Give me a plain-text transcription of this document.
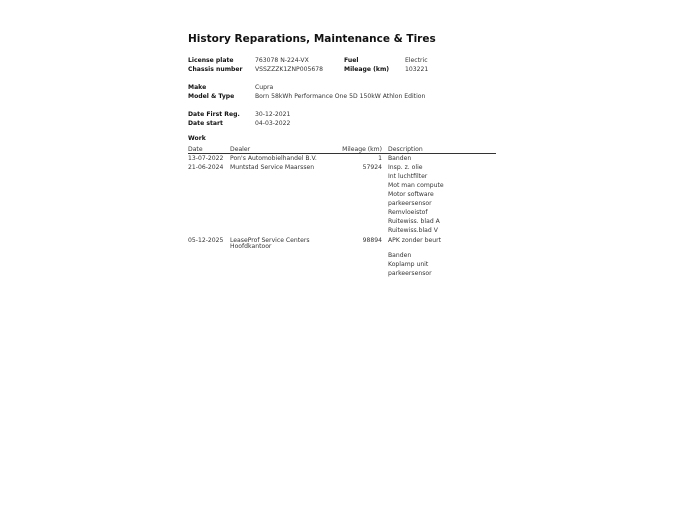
History Reparations, Maintenance & Tires
License plate	763078 N-224-VX	Fuel	Electric
Chassis number VSSZZZK1ZNP005678	Mileage (km)	103221
Make	Cupra
Model & Type	Born 58kWh Performance One 5D 150kW Athlon Edition
Date First Reg. 30-12-2021
Date start	04-03-2022
Work
Date	Dealer	Mileage (km) Description
13-07-2022 Pon's Automobielhandel B.V.	1 Banden
21-06-2024 Muntstad Service Maarssen	57924 Insp. z. olie
Int luchtfilter
Mot man compute
Motor software
parkeersensor
Remvloeistof
Ruitewiss. blad A
Ruitewiss.blad V
05-12-2025 LeaseProf Service Centers
Hoofdkantoor
98894 APK zonder beurt
Banden
Koplamp unit
parkeersensor
